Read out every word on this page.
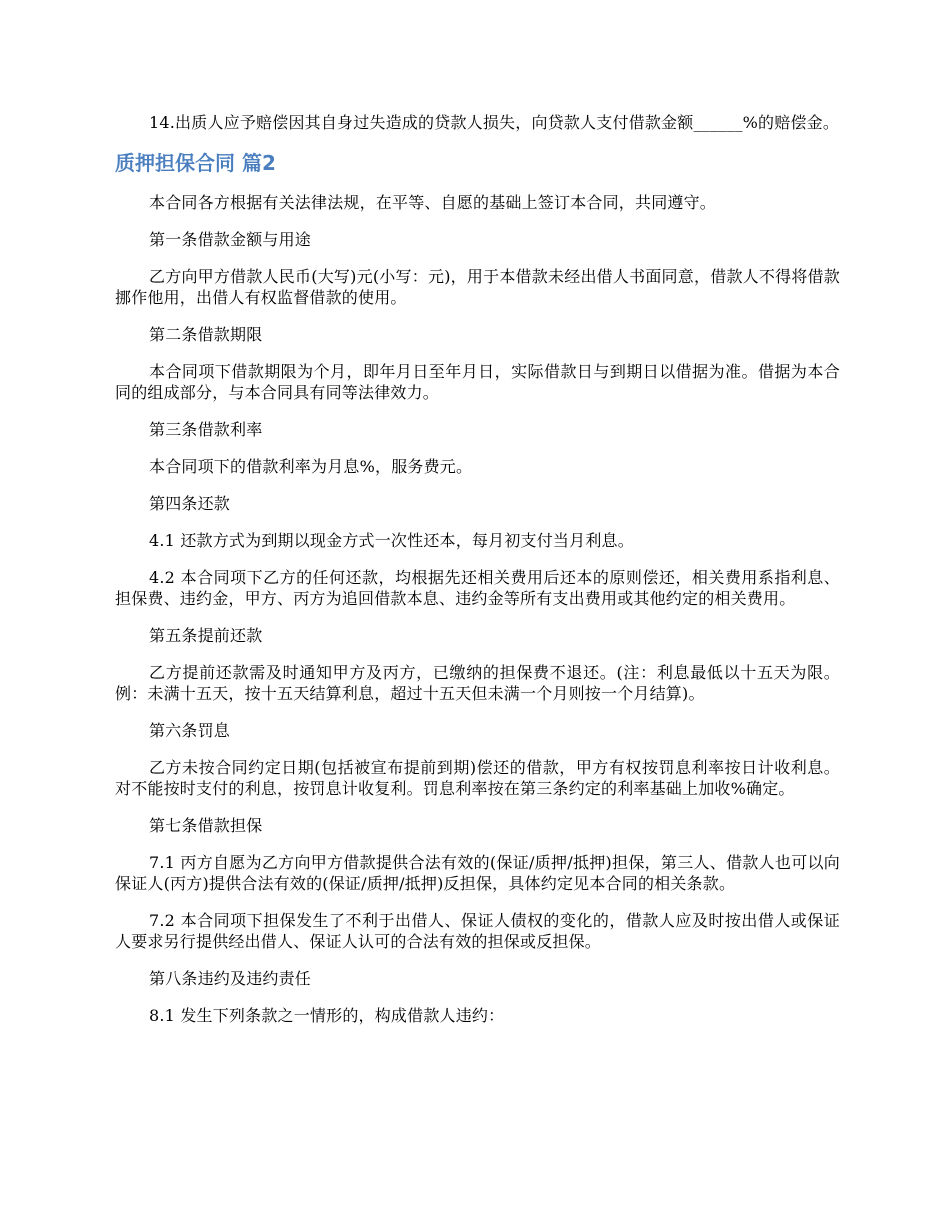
14.出质人应予赔偿因其自身过失造成的贷款人损失，向贷款人支付借款金额______%的赔偿金。

质押担保合同 篇2

本合同各方根据有关法律法规，在平等、自愿的基础上签订本合同，共同遵守。

第一条借款金额与用途

乙方向甲方借款人民币(大写)元(小写：元)，用于本借款未经出借人书面同意，借款人不得将借款挪作他用，出借人有权监督借款的使用。

第二条借款期限

本合同项下借款期限为个月，即年月日至年月日，实际借款日与到期日以借据为准。借据为本合同的组成部分，与本合同具有同等法律效力。

第三条借款利率

本合同项下的借款利率为月息%，服务费元。

第四条还款

4.1 还款方式为到期以现金方式一次性还本，每月初支付当月利息。

4.2 本合同项下乙方的任何还款，均根据先还相关费用后还本的原则偿还，相关费用系指利息、担保费、违约金，甲方、丙方为追回借款本息、违约金等所有支出费用或其他约定的相关费用。

第五条提前还款

乙方提前还款需及时通知甲方及丙方，已缴纳的担保费不退还。(注：利息最低以十五天为限。例：未满十五天，按十五天结算利息，超过十五天但未满一个月则按一个月结算)。

第六条罚息

乙方未按合同约定日期(包括被宣布提前到期)偿还的借款，甲方有权按罚息利率按日计收利息。对不能按时支付的利息，按罚息计收复利。罚息利率按在第三条约定的利率基础上加收%确定。

第七条借款担保

7.1 丙方自愿为乙方向甲方借款提供合法有效的(保证/质押/抵押)担保，第三人、借款人也可以向保证人(丙方)提供合法有效的(保证/质押/抵押)反担保，具体约定见本合同的相关条款。

7.2 本合同项下担保发生了不利于出借人、保证人债权的变化的，借款人应及时按出借人或保证人要求另行提供经出借人、保证人认可的合法有效的担保或反担保。

第八条违约及违约责任

8.1 发生下列条款之一情形的，构成借款人违约：
